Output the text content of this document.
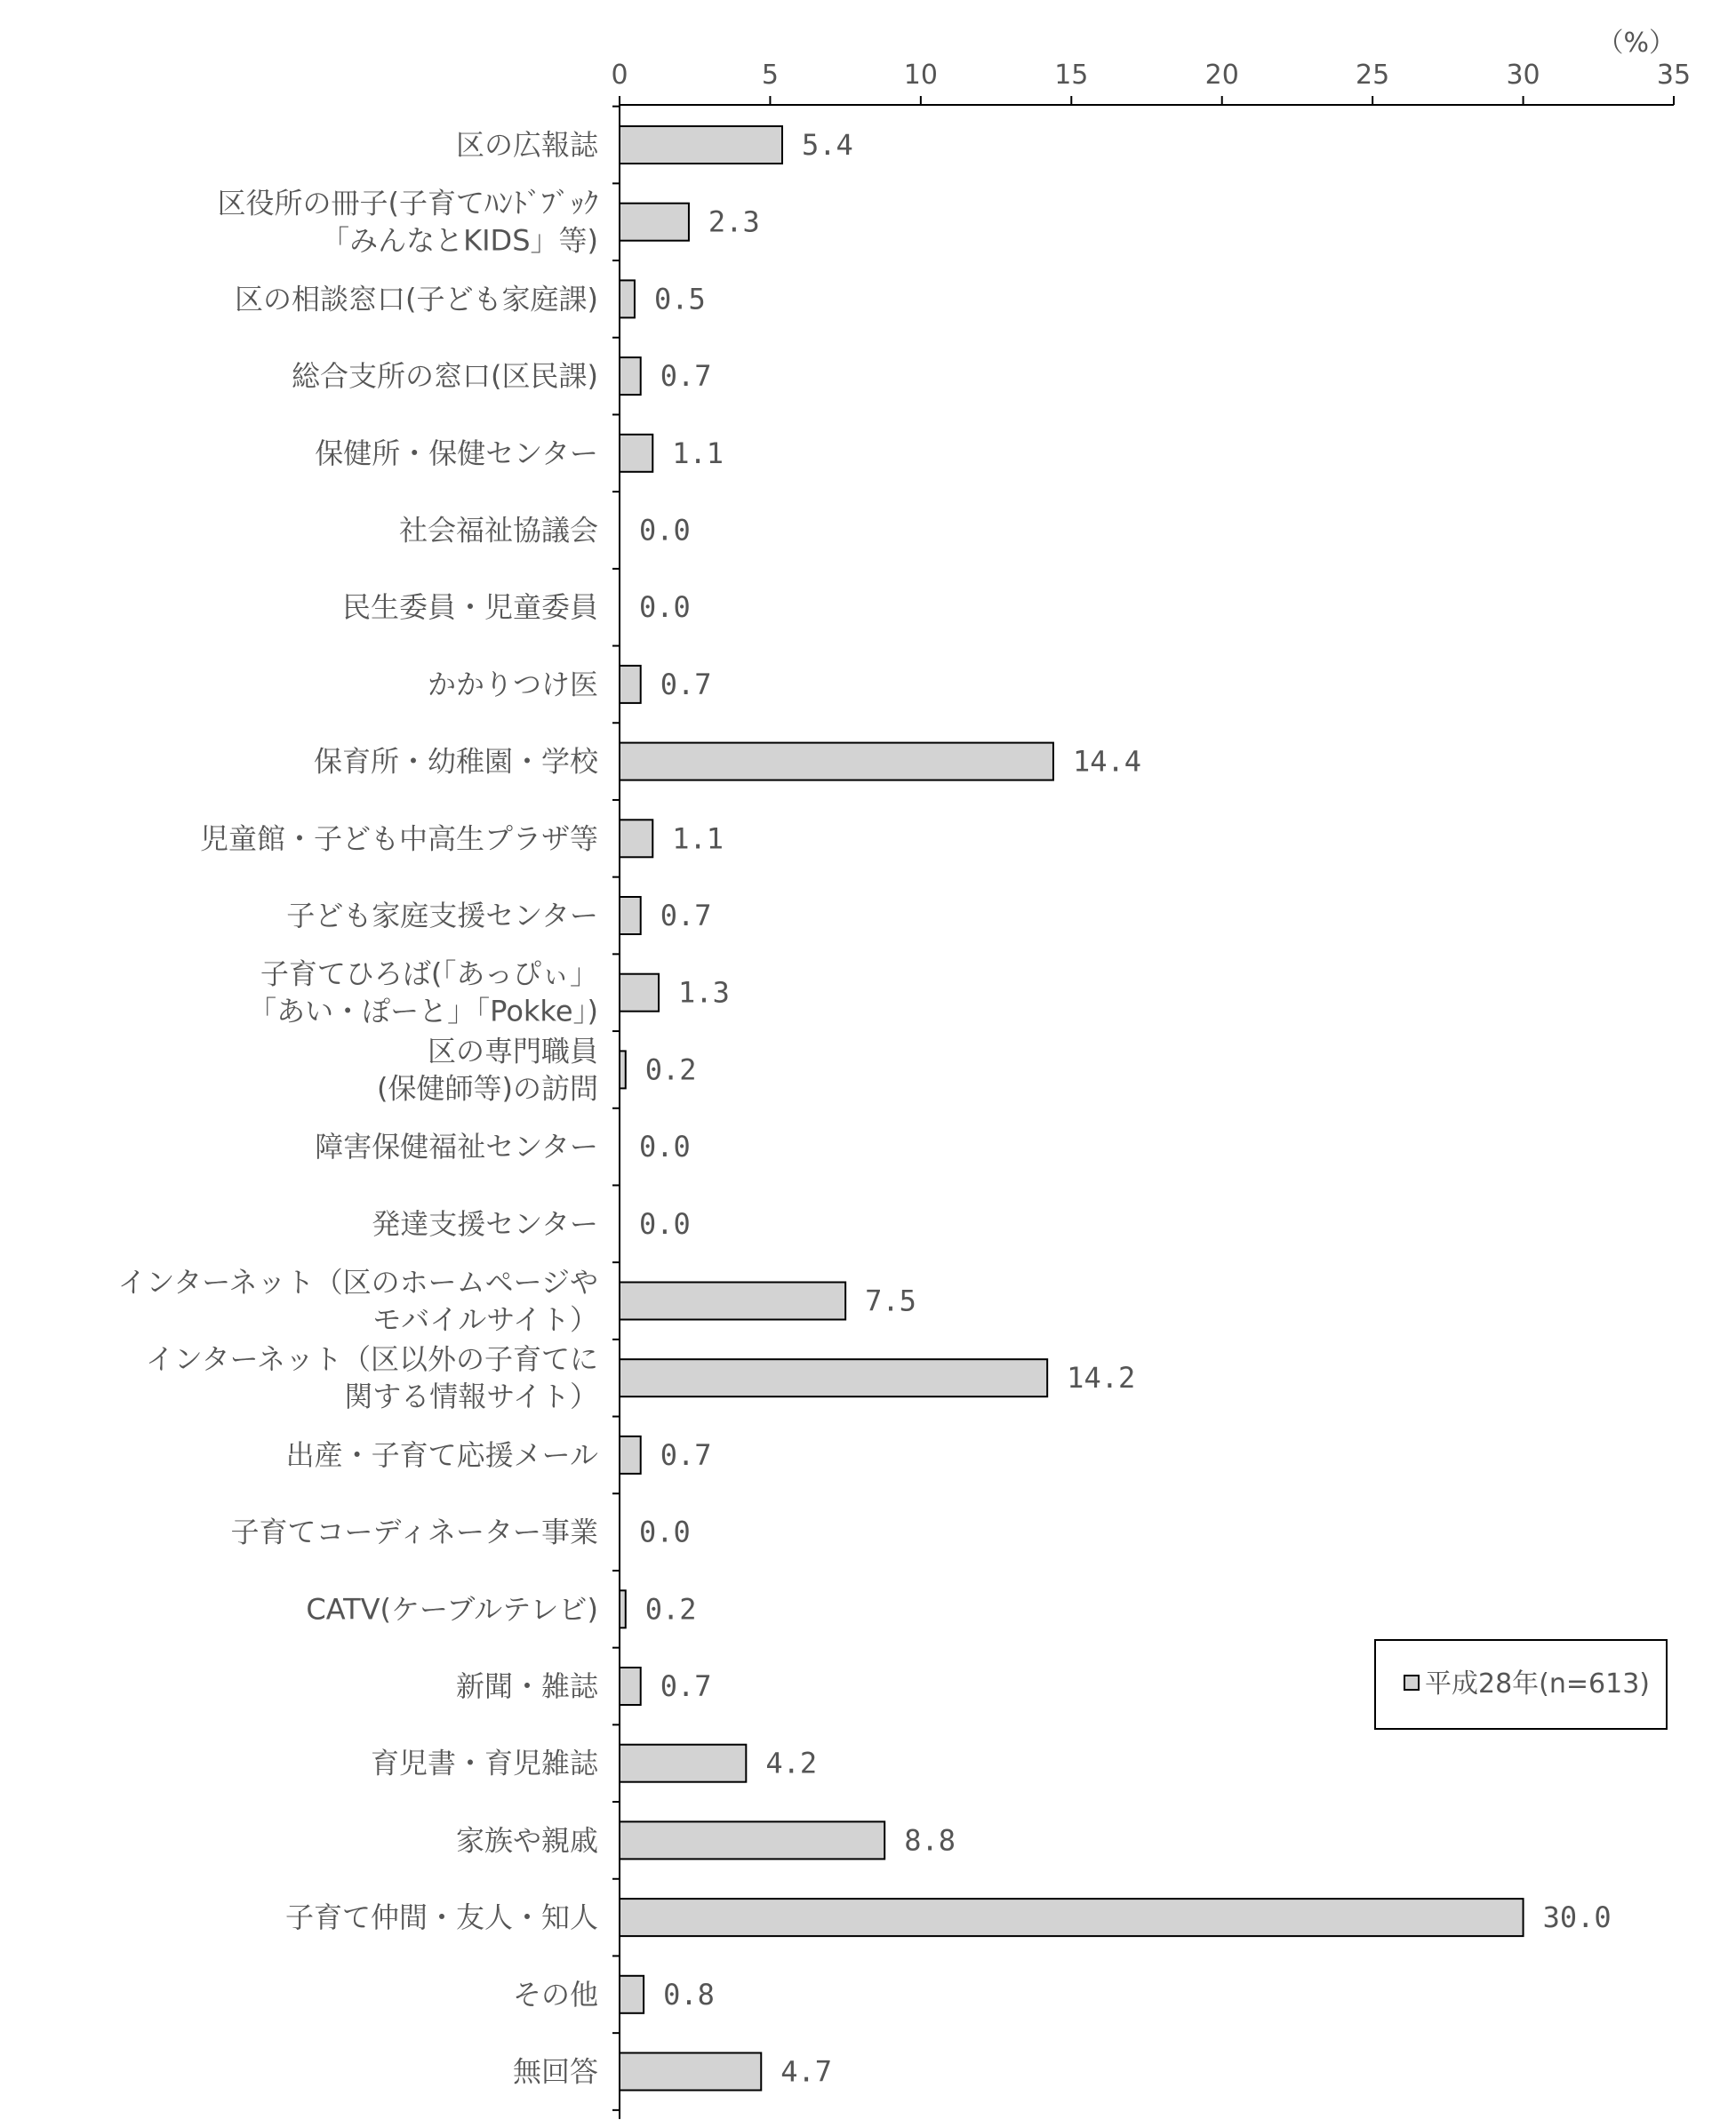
0	5	10	15	20	25	30	35
（%）
区の広報誌	5.4
区役所の冊子(子育てﾊﾝﾄﾞﾌﾞｯｸ
「みんなとKIDS」等)
2.3
区の相談窓口(子ども家庭課) 0.5
総合支所の窓口(区民課) 0.7
保健所・保健センター	1.1
社会福祉協議会 0.0
民生委員・児童委員 0.0
かかりつけ医 0.7
保育所・幼稚園・学校	14.4
児童館・子ども中高生プラザ等	1.1
子ども家庭支援センター 0.7
子育てひろば(「あっぴぃ」
「あい・ぽーと」「Pokke」)
1.3
区の専門職員
(保健師等)の訪問
0.2
障害保健福祉センター 0.0
発達支援センター 0.0
インターネット（区のホームページや
モバイルサイト）
7.5
インターネット（区以外の子育てに
関する情報サイト）
14.2
出産・子育て応援メール 0.7
子育てコーディネーター事業 0.0
CATV(ケーブルテレビ) 0.2
新聞・雑誌 0.7
育児書・育児雑誌	4.2
家族や親戚	8.8
子育て仲間・友人・知人	30.0
その他 0.8
無回答	4.7
平成28年(n=613)
